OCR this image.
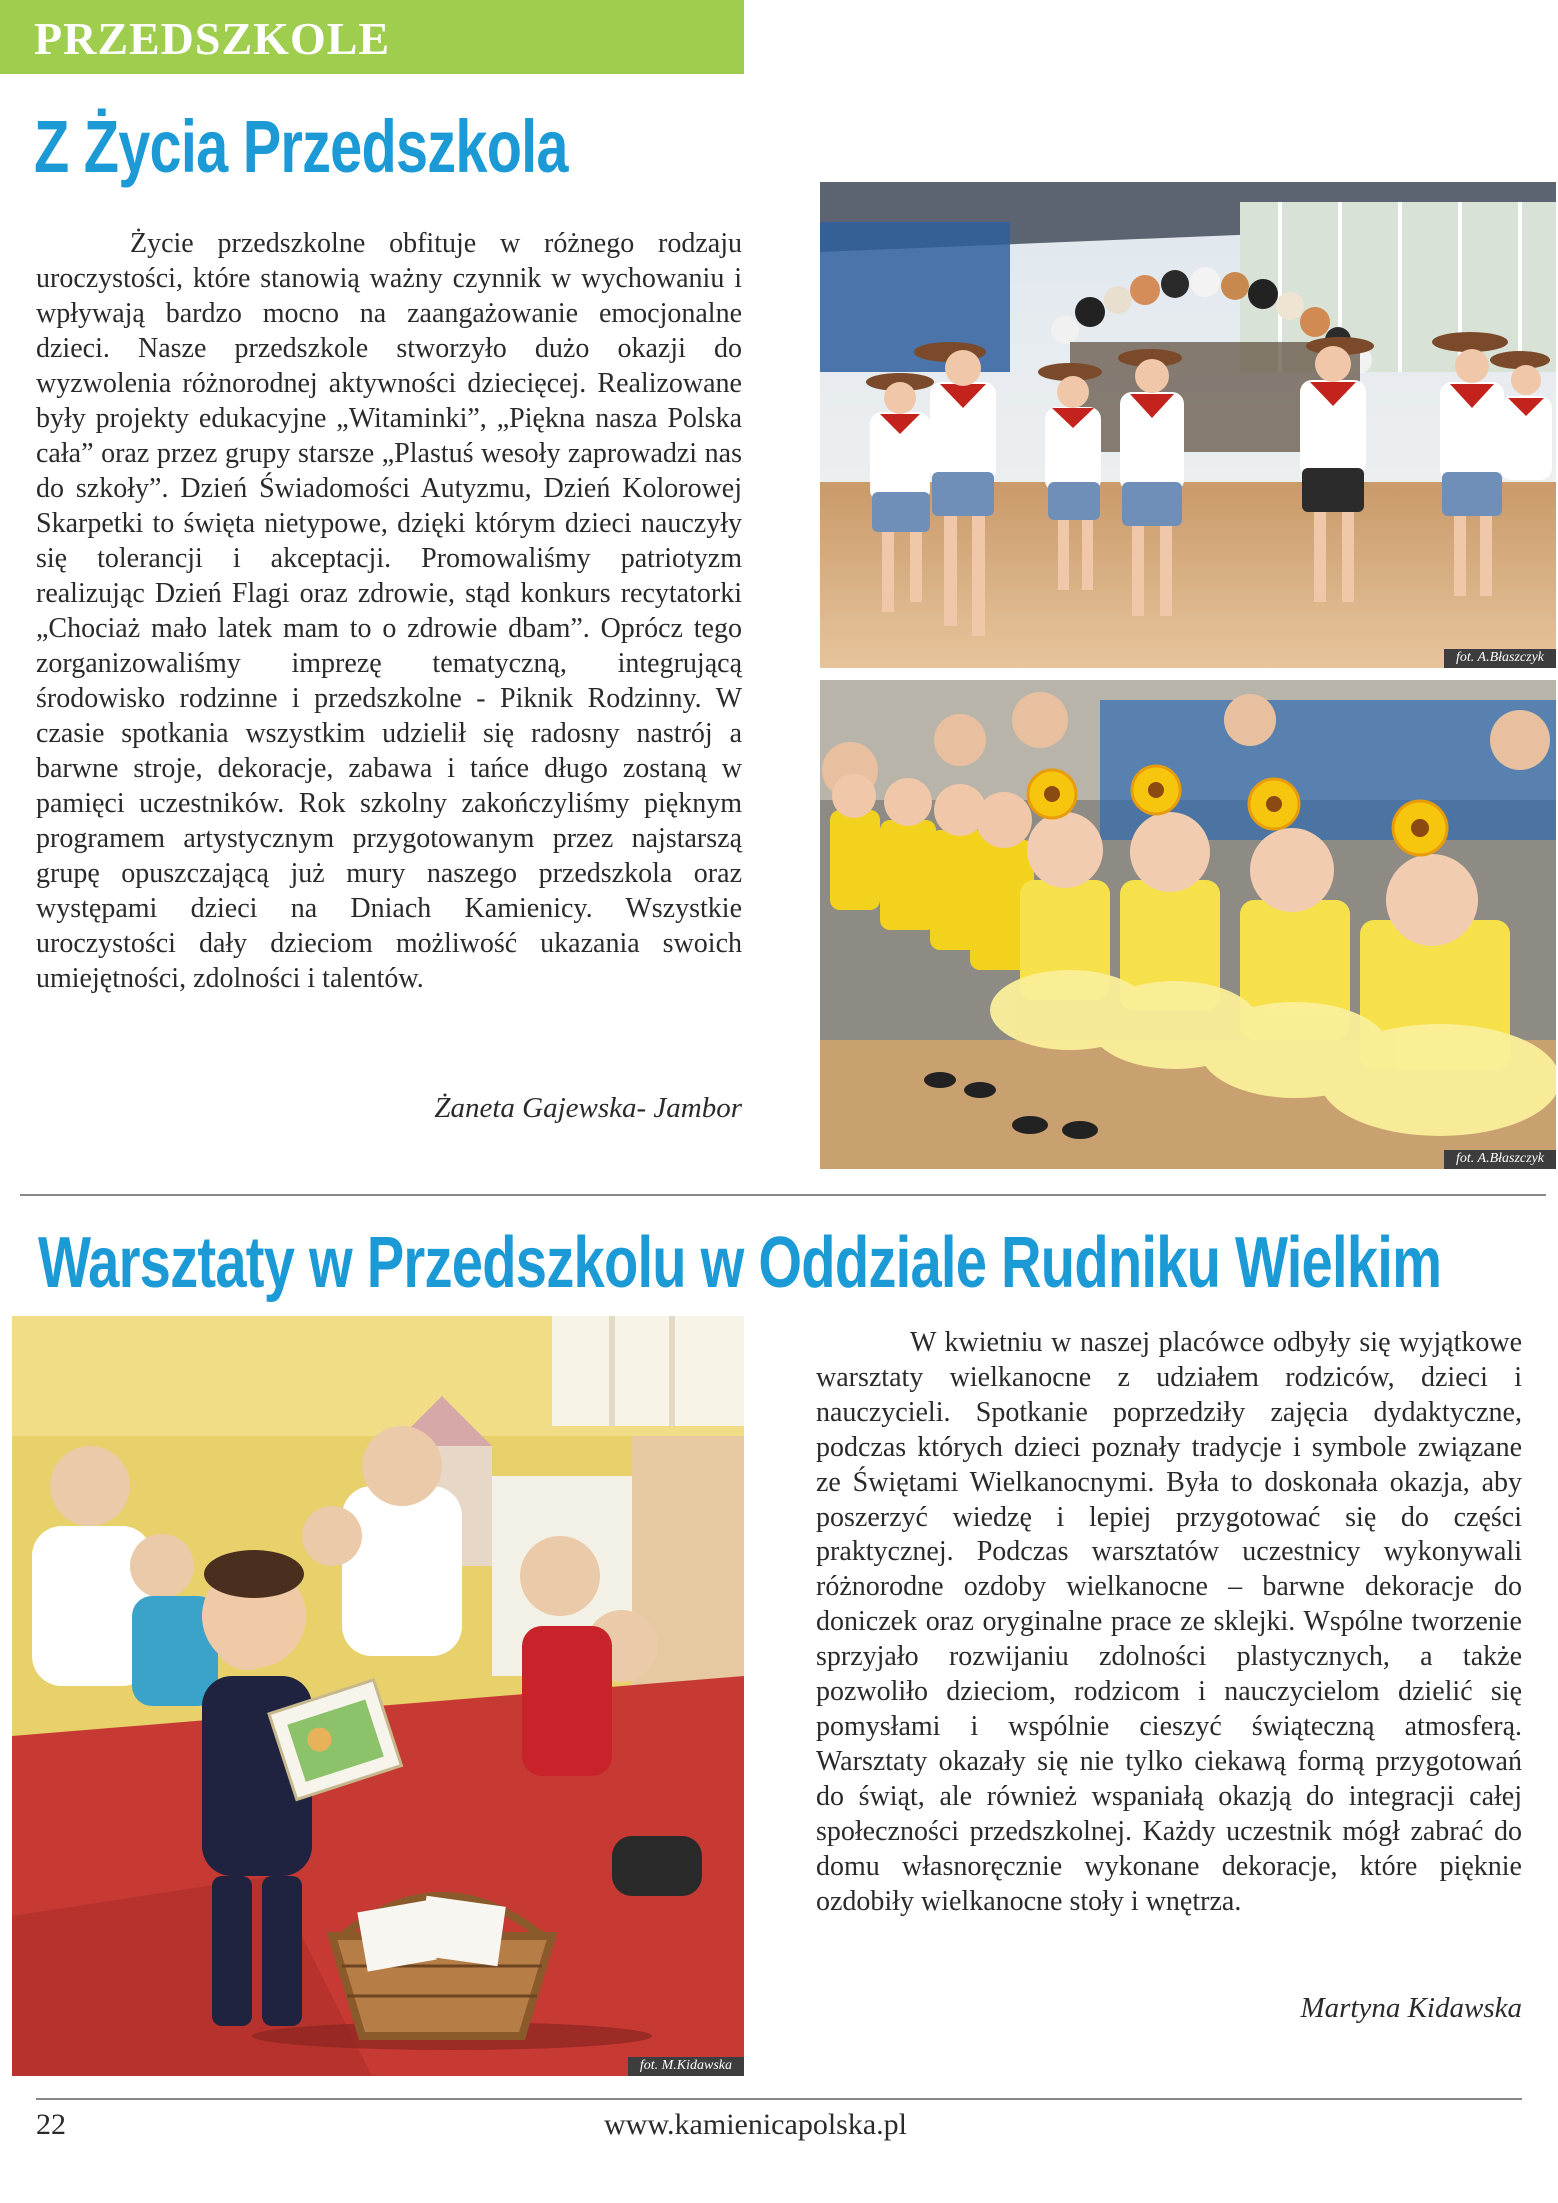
PRZEDSZKOLE
Z Życia Przedszkola

Życie przedszkolne obfituje w różnego rodzaju uroczystości, które stanowią ważny czynnik w wychowaniu i wpływają bardzo mocno na zaangażowanie emocjonalne dzieci. Nasze przedszkole stworzyło dużo okazji do wyzwolenia różnorodnej aktywności dziecięcej. Realizowane były projekty edukacyjne „Witaminki”, „Piękna nasza Polska cała” oraz przez grupy starsze „Plastuś wesoły zaprowadzi nas do szkoły”. Dzień Świadomości Autyzmu, Dzień Kolorowej Skarpetki to święta nietypowe, dzięki którym dzieci nauczyły się tolerancji i akceptacji. Promowaliśmy patriotyzm realizując Dzień Flagi oraz zdrowie, stąd konkurs recytatorki „Chociaż mało latek mam to o zdrowie dbam”. Oprócz tego zorganizowaliśmy imprezę tematyczną, integrującą środowisko rodzinne i przedszkolne - Piknik Rodzinny. W czasie spotkania wszystkim udzielił się radosny nastrój a barwne stroje, dekoracje, zabawa i tańce długo zostaną w pamięci uczestników. Rok szkolny zakończyliśmy pięknym programem artystycznym przygotowanym przez najstarszą grupę opuszczającą już mury naszego przedszkola oraz występami dzieci na Dniach Kamienicy. Wszystkie uroczystości dały dzieciom możliwość ukazania swoich umiejętności, zdolności i talentów.

Żaneta Gajewska- Jambor
fot. A.Błaszczyk
fot. A.Błaszczyk
Warsztaty w Przedszkolu w Oddziale Rudniku Wielkim
fot. M.Kidawska

W kwietniu w naszej placówce odbyły się wyjątkowe warsztaty wielkanocne z udziałem rodziców, dzieci i nauczycieli. Spotkanie poprzedziły zajęcia dydaktyczne, podczas których dzieci poznały tradycje i symbole związane ze Świętami Wielkanocnymi. Była to doskonała okazja, aby poszerzyć wiedzę i lepiej przygotować się do części praktycznej. Podczas warsztatów uczestnicy wykonywali różnorodne ozdoby wielkanocne – barwne dekoracje do doniczek oraz oryginalne prace ze sklejki. Wspólne tworzenie sprzyjało rozwijaniu zdolności plastycznych, a także pozwoliło dzieciom, rodzicom i nauczycielom dzielić się pomysłami i wspólnie cieszyć świąteczną atmosferą. Warsztaty okazały się nie tylko ciekawą formą przygotowań do świąt, ale również wspaniałą okazją do integracji całej społeczności przedszkolnej. Każdy uczestnik mógł zabrać do domu własnoręcznie wykonane dekoracje, które pięknie ozdobiły wielkanocne stoły i wnętrza.

Martyna Kidawska
22	www.kamienicapolska.pl
